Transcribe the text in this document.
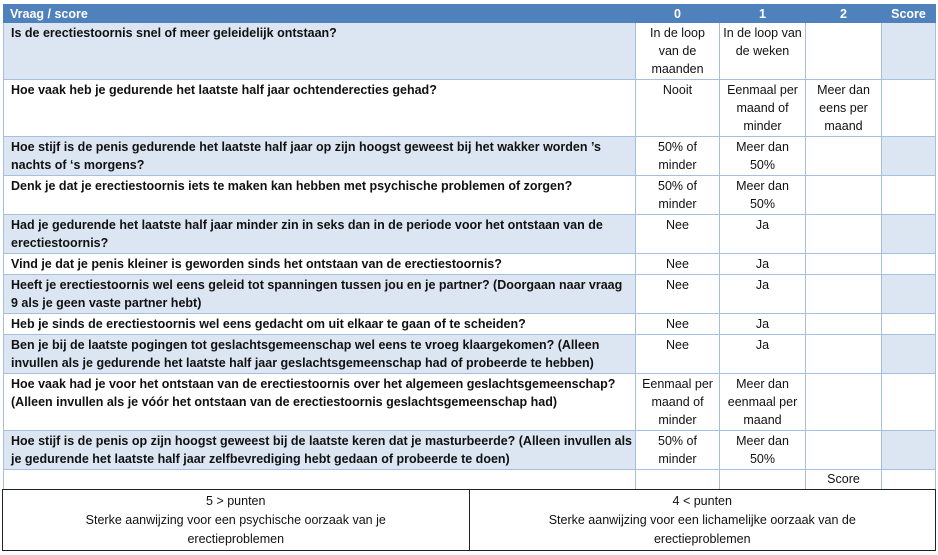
Vraag / score	0	1	2	Score
Is de erectiestoornis snel of meer geleidelijk ontstaan?	In de loop van de maanden	In de loop van de weken		
Hoe vaak heb je gedurende het laatste half jaar ochtenderecties gehad?	Nooit	Eenmaal per maand of minder	Meer dan eens per maand	
Hoe stijf is de penis gedurende het laatste half jaar op zijn hoogst geweest bij het wakker worden ’s nachts of ‘s morgens?	50% of minder	Meer dan 50%		
Denk je dat je erectiestoornis iets te maken kan hebben met psychische problemen of zorgen?	50% of minder	Meer dan 50%		
Had je gedurende het laatste half jaar minder zin in seks dan in de periode voor het ontstaan van de erectiestoornis?	Nee	Ja		
Vind je dat je penis kleiner is geworden sinds het ontstaan van de erectiestoornis?	Nee	Ja		
Heeft je erectiestoornis wel eens geleid tot spanningen tussen jou en je partner? (Doorgaan naar vraag 9 als je geen vaste partner hebt)	Nee	Ja		
Heb je sinds de erectiestoornis wel eens gedacht om uit elkaar te gaan of te scheiden?	Nee	Ja		
Ben je bij de laatste pogingen tot geslachtsgemeenschap wel eens te vroeg klaargekomen? (Alleen invullen als je gedurende het laatste half jaar geslachtsgemeenschap had of probeerde te hebben)	Nee	Ja		
Hoe vaak had je voor het ontstaan van de erectiestoornis over het algemeen geslachtsgemeenschap? (Alleen invullen als je vóór het ontstaan van de erectiestoornis geslachtsgemeenschap had)	Eenmaal per maand of minder	Meer dan eenmaal per maand		
Hoe stijf is de penis op zijn hoogst geweest bij de laatste keren dat je masturbeerde? (Alleen invullen als je gedurende het laatste half jaar zelfbevrediging hebt gedaan of probeerde te doen)	50% of minder	Meer dan 50%		
			Score	
5 > punten
Sterke aanwijzing voor een psychische oorzaak van je erectieproblemen

4 < punten
Sterke aanwijzing voor een lichamelijke oorzaak van de erectieproblemen
